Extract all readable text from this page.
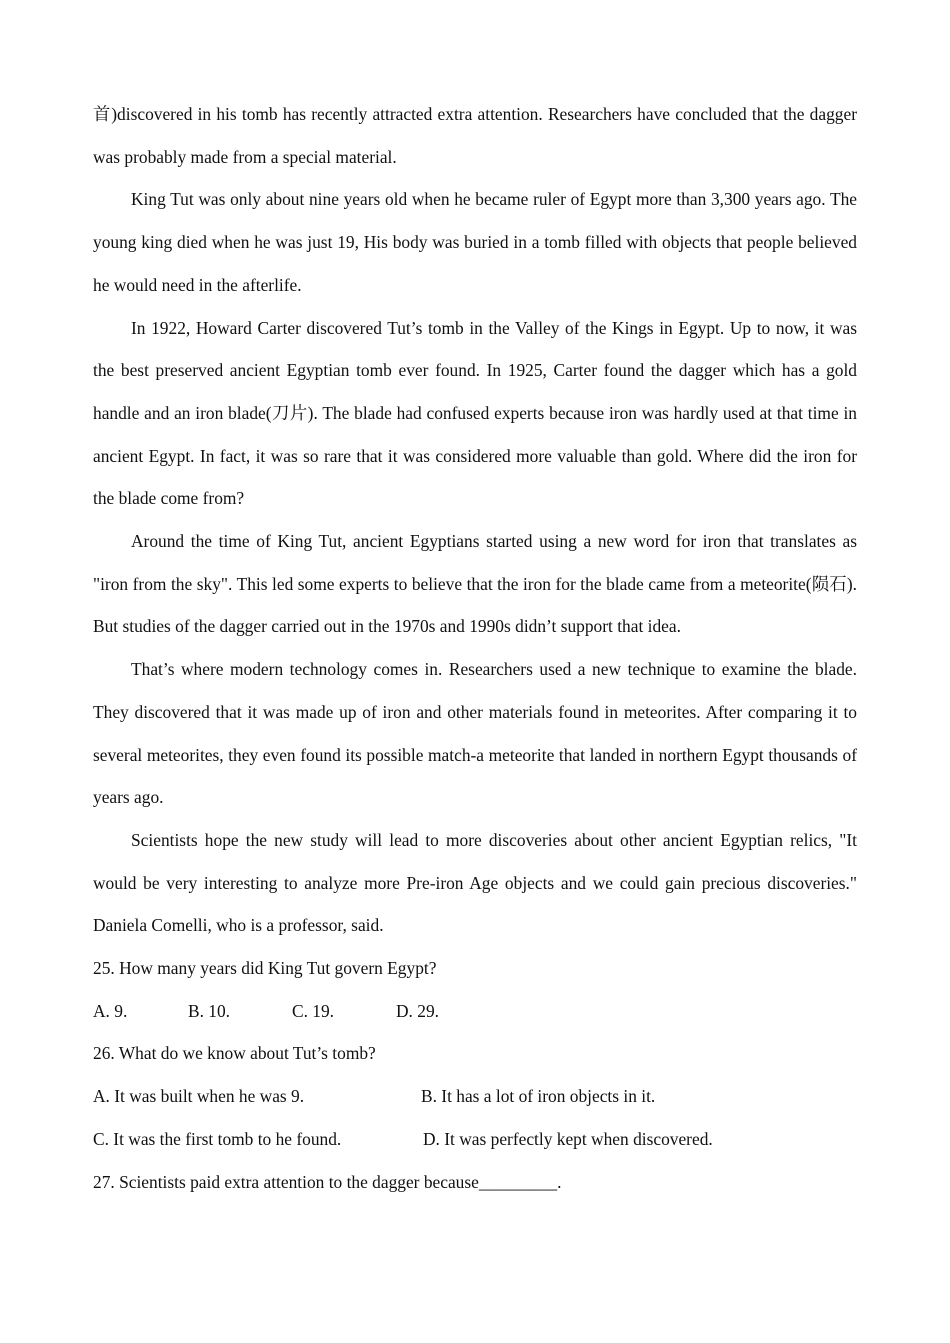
首)discovered in his tomb has recently attracted extra attention. Researchers have concluded that the dagger was probably made from a special material.

King Tut was only about nine years old when he became ruler of Egypt more than 3,300 years ago. The young king died when he was just 19, His body was buried in a tomb filled with objects that people believed he would need in the afterlife.

In 1922, Howard Carter discovered Tut’s tomb in the Valley of the Kings in Egypt. Up to now, it was the best preserved ancient Egyptian tomb ever found. In 1925, Carter found the dagger which has a gold handle and an iron blade(刀片). The blade had confused experts because iron was hardly used at that time in ancient Egypt. In fact, it was so rare that it was considered more valuable than gold. Where did the iron for the blade come from?

Around the time of King Tut, ancient Egyptians started using a new word for iron that translates as "iron from the sky". This led some experts to believe that the iron for the blade came from a meteorite(陨石). But studies of the dagger carried out in the 1970s and 1990s didn’t support that idea.

That’s where modern technology comes in. Researchers used a new technique to examine the blade. They discovered that it was made up of iron and other materials found in meteorites. After comparing it to several meteorites, they even found its possible match-a meteorite that landed in northern Egypt thousands of years ago.

Scientists hope the new study will lead to more discoveries about other ancient Egyptian relics, "It would be very interesting to analyze more Pre-iron Age objects and we could gain precious discoveries." Daniela Comelli, who is a professor, said.

25. How many years did King Tut govern Egypt?

A. 9.	B. 10.	C. 19.	D. 29.

26. What do we know about Tut’s tomb?

A. It was built when he was 9.	B. It has a lot of iron objects in it.

C. It was the first tomb to he found.	D. It was perfectly kept when discovered.

27. Scientists paid extra attention to the dagger because_________.
